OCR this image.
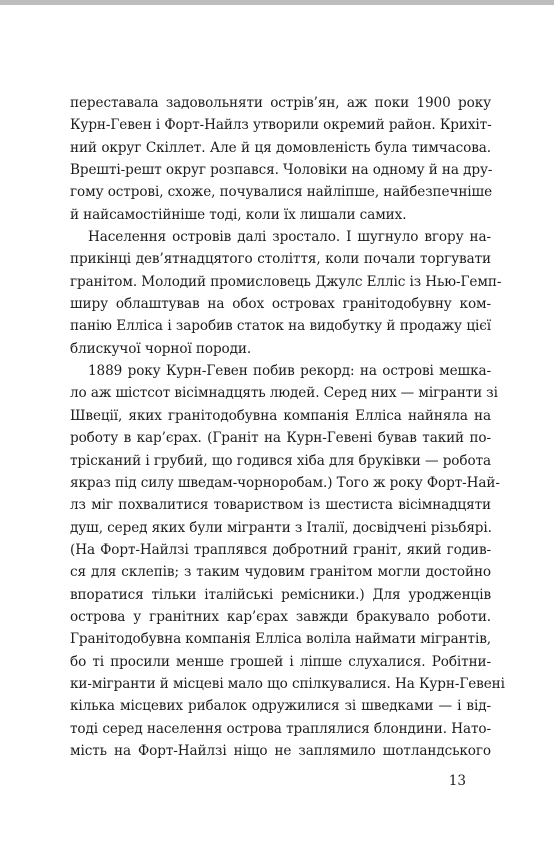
переставала задовольняти острів’ян, аж поки 1900 року
Курн-Гевен і Форт-Найлз утворили окремий район. Крихіт-
ний округ Скіллет. Але й ця домовленість була тимчасова.
Врешті-решт округ розпався. Чоловіки на одному й на дру-
гому острові, схоже, почувалися найліпше, найбезпечніше
й найсамостійніше тоді, коли їх лишали самих.
Населення островів далі зростало. І шугнуло вгору на-
прикінці дев’ятнадцятого століття, коли почали торгувати
гранітом. Молодий промисловець Джулс Елліс із Нью-Гемп-
ширу облаштував на обох островах гранітодобувну ком-
панію Елліса і заробив статок на видобутку й продажу цієї
блискучої чорної породи.
1889 року Курн-Гевен побив рекорд: на острові мешка-
ло аж шістсот вісімнадцять людей. Серед них — мігранти зі
Швеції, яких гранітодобувна компанія Елліса найняла на
роботу в кар’єрах. (Граніт на Курн-Гевені бував такий по-
трісканий і грубий, що годився хіба для бруківки — робота
якраз під силу шведам-чорноробам.) Того ж року Форт-Най-
лз міг похвалитися товариством із шестиста вісімнадцяти
душ, серед яких були мігранти з Італії, досвідчені різьбярі.
(На Форт-Найлзі траплявся добротний граніт, який годив-
ся для склепів; з таким чудовим гранітом могли достойно
впоратися тільки італійські ремісники.) Для уродженців
острова у гранітних кар’єрах завжди бракувало роботи.
Гранітодобувна компанія Елліса воліла наймати мігрантів,
бо ті просили менше грошей і ліпше слухалися. Робітни-
ки-мігранти й місцеві мало що спілкувалися. На Курн-Гевені
кілька місцевих рибалок одружилися зі шведками — і від-
тоді серед населення острова траплялися блондини. Нато-
мість на Форт-Найлзі ніщо не заплямило шотландського
13
